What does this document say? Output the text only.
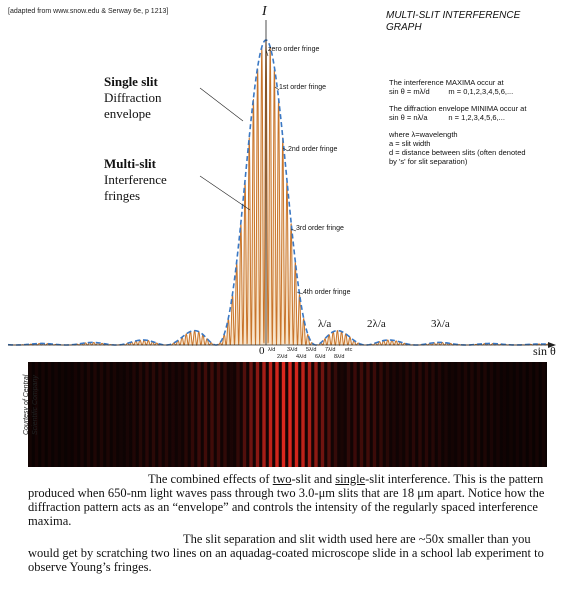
[adapted from www.snow.edu & Serway 6e, p 1213]	MULTI-SLIT INTERFERENCE
GRAPH
I
Single slit
Diffraction
envelope
Multi-slit
Interference
fringes
zero order fringe
1st order fringe
2nd order fringe
3rd order fringe
4th order fringe
The interference MAXIMA occur at
sin θ = mλ/d         m = 0,1,2,3,4,5,6,...
The diffraction envelope MINIMA occur at
sin θ = nλ/a          n = 1,2,3,4,5,6,...
where λ=wavelength
a = slit width
d = distance between slits (often denoted
by 's' for slit separation)
λ/a	2λ/a	3λ/a
0	sin θ
λ/d 3λ/d 5λ/d 7λ/d etc
2λ/d 4λ/d 6λ/d 8λ/d
Courtesy of Central Scientific Company

The combined effects of two-slit and single-slit interference. This is the pattern produced when 650-nm light waves pass through two 3.0-μm slits that are 18 μm apart. Notice how the diffraction pattern acts as an “envelope” and controls the intensity of the regularly spaced interference maxima.

The slit separation and slit width used here are ~50x smaller than you would get by scratching two lines on an aquadag-coated microscope slide in a school lab experiment to observe Young’s fringes.
